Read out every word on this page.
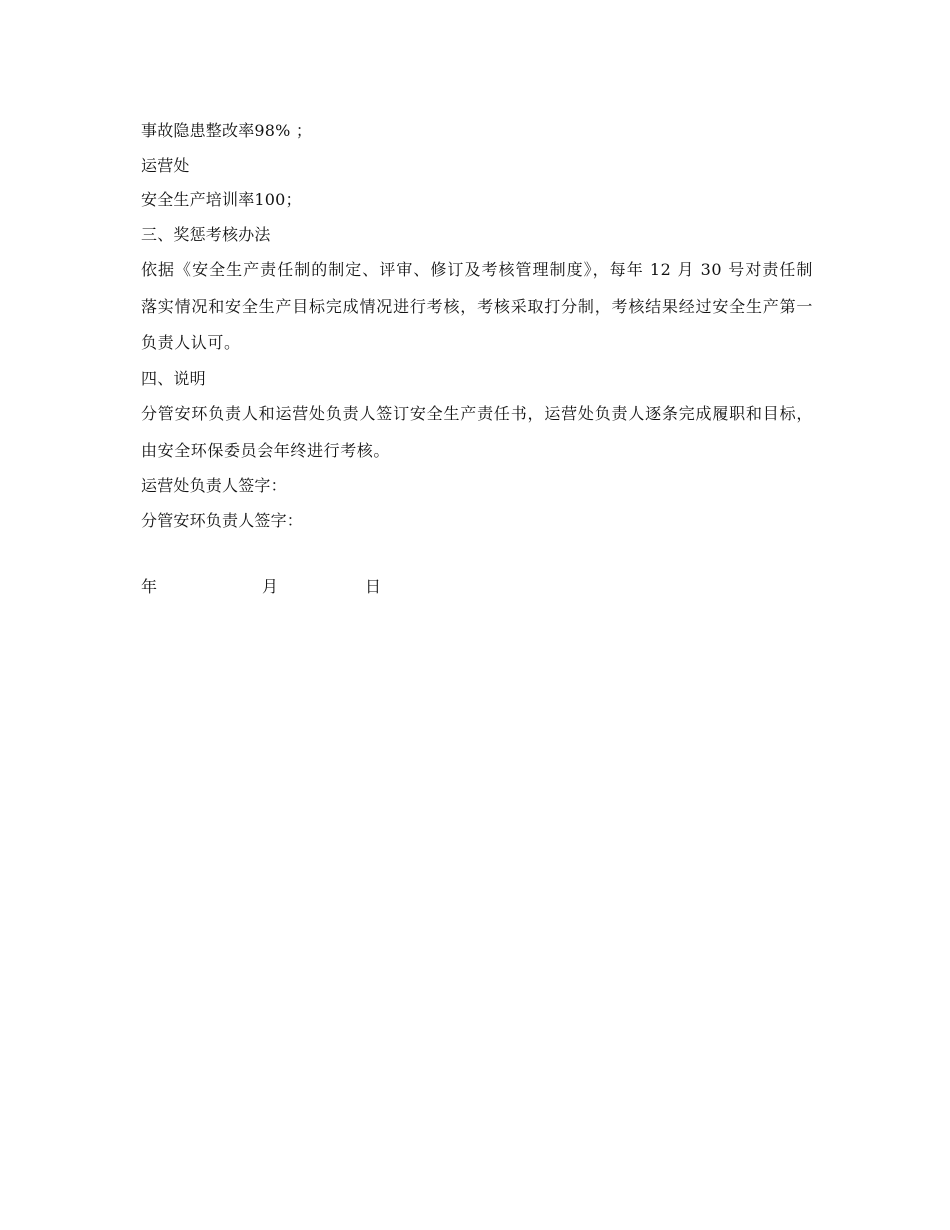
事故隐患整改率98% ；
运营处
安全生产培训率100；
三、奖惩考核办法
依据《安全生产责任制的制定、评审、修订及考核管理制度》，每年 12 月 30 号对责任制落实情况和安全生产目标完成情况进行考核，考核采取打分制，考核结果经过安全生产第一负责人认可。
四、说明
分管安环负责人和运营处负责人签订安全生产责任书，运营处负责人逐条完成履职和目标，由安全环保委员会年终进行考核。
运营处负责人签字：
分管安环负责人签字：
年	月	日
